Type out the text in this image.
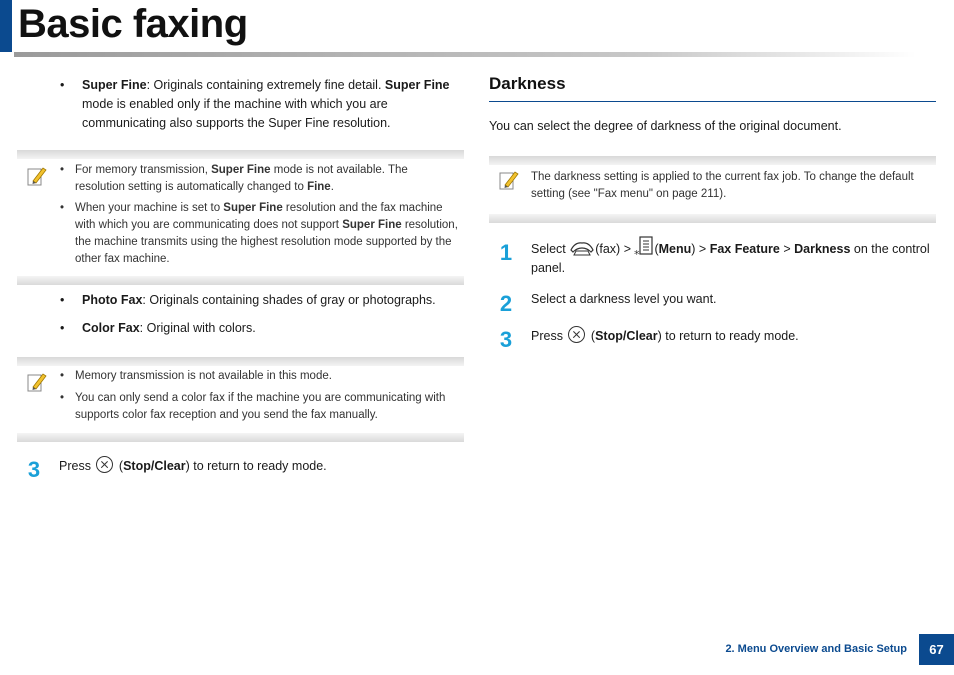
Basic faxing
• Super Fine: Originals containing extremely fine detail. Super Fine mode is enabled only if the machine with which you are communicating also supports the Super Fine resolution.
• For memory transmission, Super Fine mode is not available. The resolution setting is automatically changed to Fine.
• When your machine is set to Super Fine resolution and the fax machine with which you are communicating does not support Super Fine resolution, the machine transmits using the highest resolution mode supported by the other fax machine.
• Photo Fax: Originals containing shades of gray or photographs.
• Color Fax: Original with colors.
• Memory transmission is not available in this mode.
• You can only send a color fax if the machine you are communicating with supports color fax reception and you send the fax manually.
3	Press  (Stop/Clear) to return to ready mode.
Darkness
You can select the degree of darkness of the original document.
The darkness setting is applied to the current fax job. To change the default setting (see "Fax menu" on page 211).
1	Select (fax) > * (Menu) > Fax Feature > Darkness on the control panel.
2	Select a darkness level you want.
3	Press  (Stop/Clear) to return to ready mode.
2. Menu Overview and Basic Setup	67
